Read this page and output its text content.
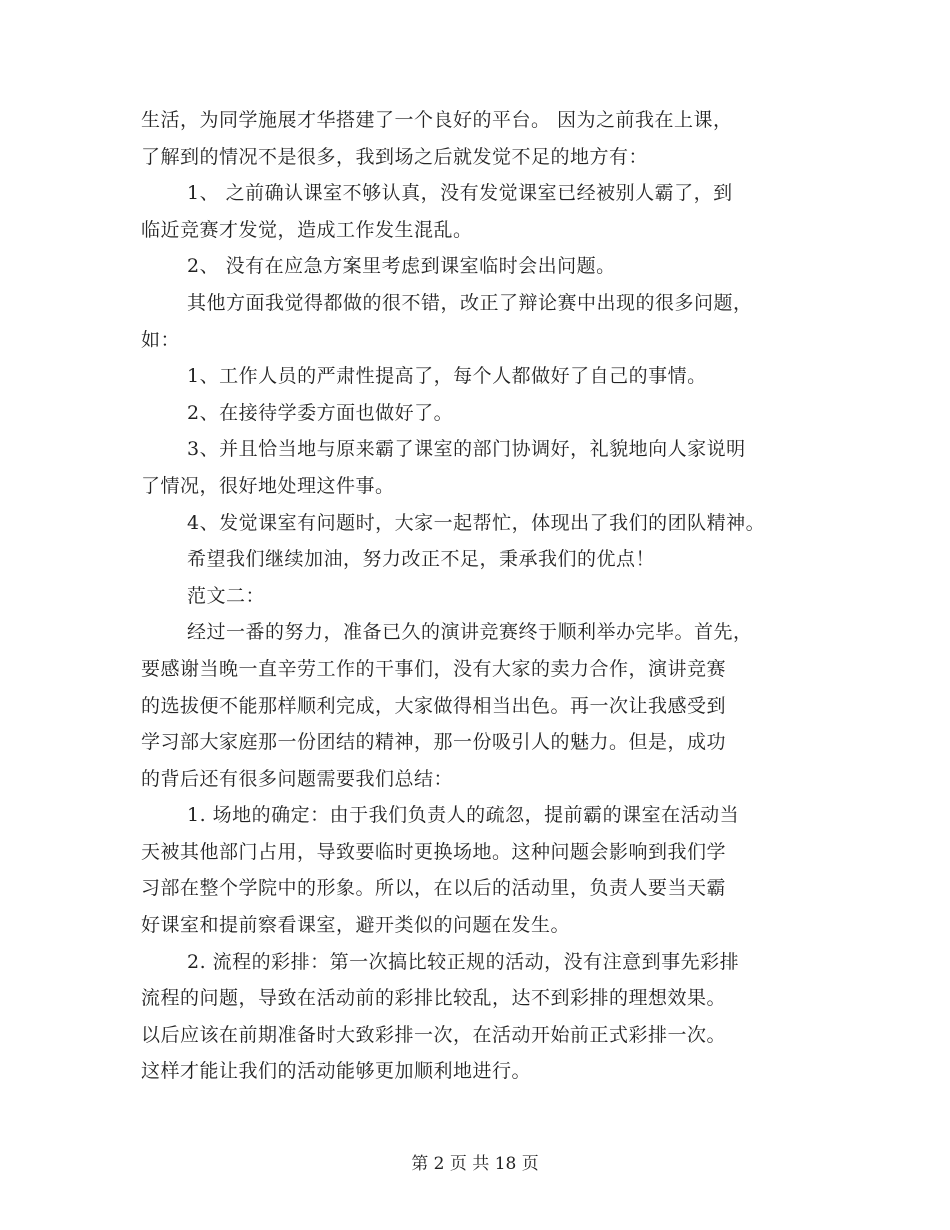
生活，为同学施展才华搭建了一个良好的平台。 因为之前我在上课，
了解到的情况不是很多，我到场之后就发觉不足的地方有：
1、 之前确认课室不够认真，没有发觉课室已经被别人霸了，到
临近竞赛才发觉，造成工作发生混乱。
2、 没有在应急方案里考虑到课室临时会出问题。
其他方面我觉得都做的很不错，改正了辩论赛中出现的很多问题，
如：
1、工作人员的严肃性提高了，每个人都做好了自己的事情。
2、在接待学委方面也做好了。
3、并且恰当地与原来霸了课室的部门协调好，礼貌地向人家说明
了情况，很好地处理这件事。
4、发觉课室有问题时，大家一起帮忙，体现出了我们的团队精神。
希望我们继续加油，努力改正不足，秉承我们的优点！
范文二：
经过一番的努力，准备已久的演讲竞赛终于顺利举办完毕。首先，
要感谢当晚一直辛劳工作的干事们，没有大家的卖力合作，演讲竞赛
的选拔便不能那样顺利完成，大家做得相当出色。再一次让我感受到
学习部大家庭那一份团结的精神，那一份吸引人的魅力。但是，成功
的背后还有很多问题需要我们总结：
1. 场地的确定：由于我们负责人的疏忽，提前霸的课室在活动当
天被其他部门占用，导致要临时更换场地。这种问题会影响到我们学
习部在整个学院中的形象。所以，在以后的活动里，负责人要当天霸
好课室和提前察看课室，避开类似的问题在发生。
2. 流程的彩排：第一次搞比较正规的活动，没有注意到事先彩排
流程的问题，导致在活动前的彩排比较乱，达不到彩排的理想效果。
以后应该在前期准备时大致彩排一次，在活动开始前正式彩排一次。
这样才能让我们的活动能够更加顺利地进行。
第 2 页 共 18 页
